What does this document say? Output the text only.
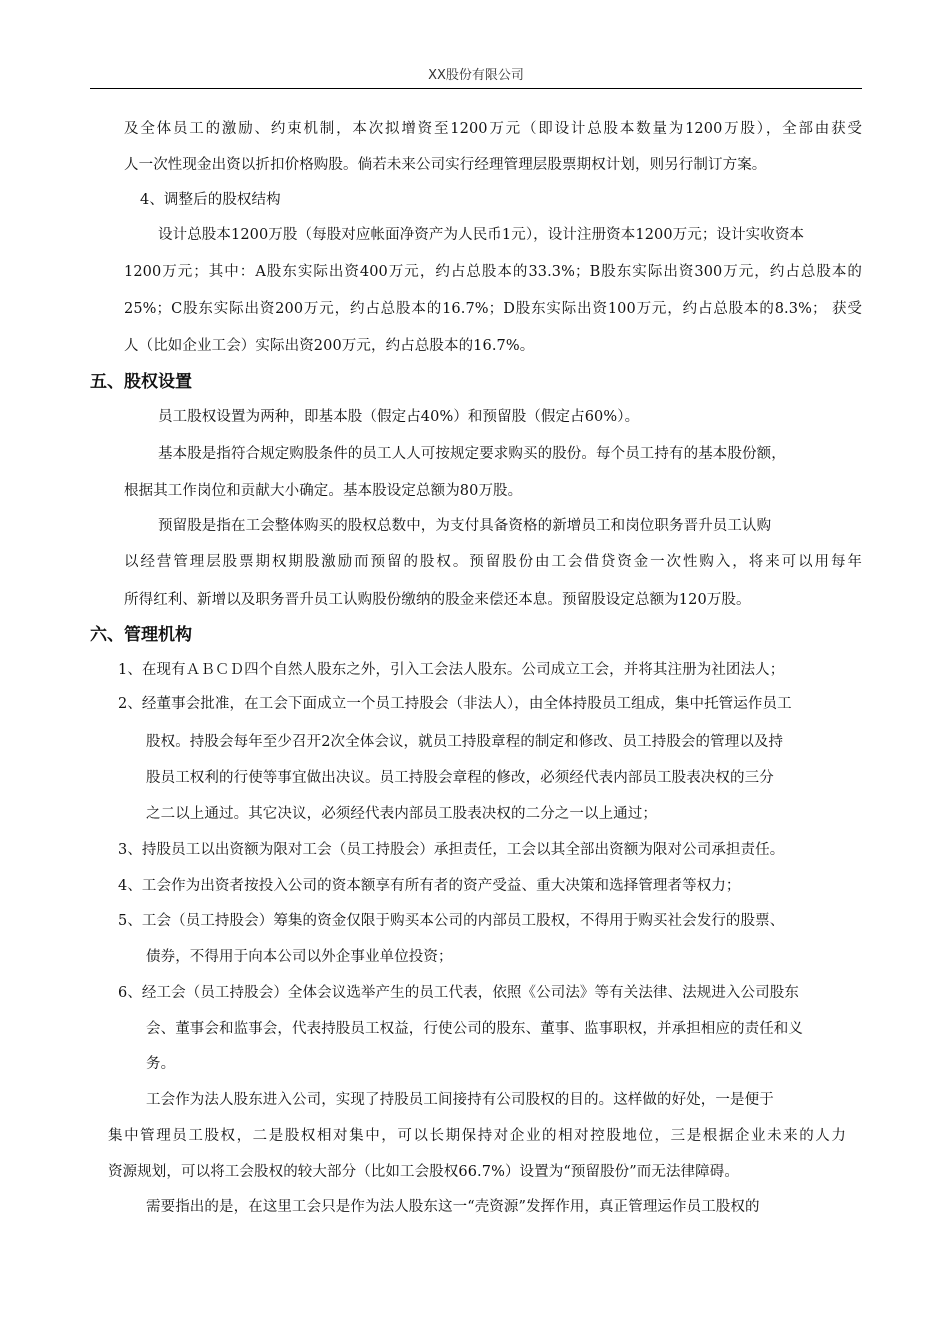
XX股份有限公司
及全体员工的激励、约束机制，本次拟增资至1200万元（即设计总股本数量为1200万股），全部由获受
人一次性现金出资以折扣价格购股。倘若未来公司实行经理管理层股票期权计划，则另行制订方案。
4、调整后的股权结构
设计总股本1200万股（每股对应帐面净资产为人民币1元），设计注册资本1200万元；设计实收资本
1200万元；其中：A股东实际出资400万元，约占总股本的33.3%；B股东实际出资300万元，约占总股本的
25%；C股东实际出资200万元，约占总股本的16.7%；D股东实际出资100万元，约占总股本的8.3%； 获受
人（比如企业工会）实际出资200万元，约占总股本的16.7%。
五、股权设置
员工股权设置为两种，即基本股（假定占40%）和预留股（假定占60%）。
基本股是指符合规定购股条件的员工人人可按规定要求购买的股份。每个员工持有的基本股份额，
根据其工作岗位和贡献大小确定。基本股设定总额为80万股。
预留股是指在工会整体购买的股权总数中，为支付具备资格的新增员工和岗位职务晋升员工认购
以经营管理层股票期权期股激励而预留的股权。预留股份由工会借贷资金一次性购入，将来可以用每年
所得红利、新增以及职务晋升员工认购股份缴纳的股金来偿还本息。预留股设定总额为120万股。
六、管理机构
1、在现有ＡＢＣＤ四个自然人股东之外，引入工会法人股东。公司成立工会，并将其注册为社团法人；
2、经董事会批准，在工会下面成立一个员工持股会（非法人），由全体持股员工组成，集中托管运作员工
股权。持股会每年至少召开2次全体会议，就员工持股章程的制定和修改、员工持股会的管理以及持
股员工权利的行使等事宜做出决议。员工持股会章程的修改，必须经代表内部员工股表决权的三分
之二以上通过。其它决议，必须经代表内部员工股表决权的二分之一以上通过；
3、持股员工以出资额为限对工会（员工持股会）承担责任，工会以其全部出资额为限对公司承担责任。
4、工会作为出资者按投入公司的资本额享有所有者的资产受益、重大决策和选择管理者等权力；
5、工会（员工持股会）筹集的资金仅限于购买本公司的内部员工股权，不得用于购买社会发行的股票、
债券，不得用于向本公司以外企事业单位投资；
6、经工会（员工持股会）全体会议选举产生的员工代表，依照《公司法》等有关法律、法规进入公司股东
会、董事会和监事会，代表持股员工权益，行使公司的股东、董事、监事职权，并承担相应的责任和义
务。
工会作为法人股东进入公司，实现了持股员工间接持有公司股权的目的。这样做的好处，一是便于
集中管理员工股权，二是股权相对集中，可以长期保持对企业的相对控股地位，三是根据企业未来的人力
资源规划，可以将工会股权的较大部分（比如工会股权66.7%）设置为“预留股份”而无法律障碍。
需要指出的是，在这里工会只是作为法人股东这一“壳资源”发挥作用，真正管理运作员工股权的
